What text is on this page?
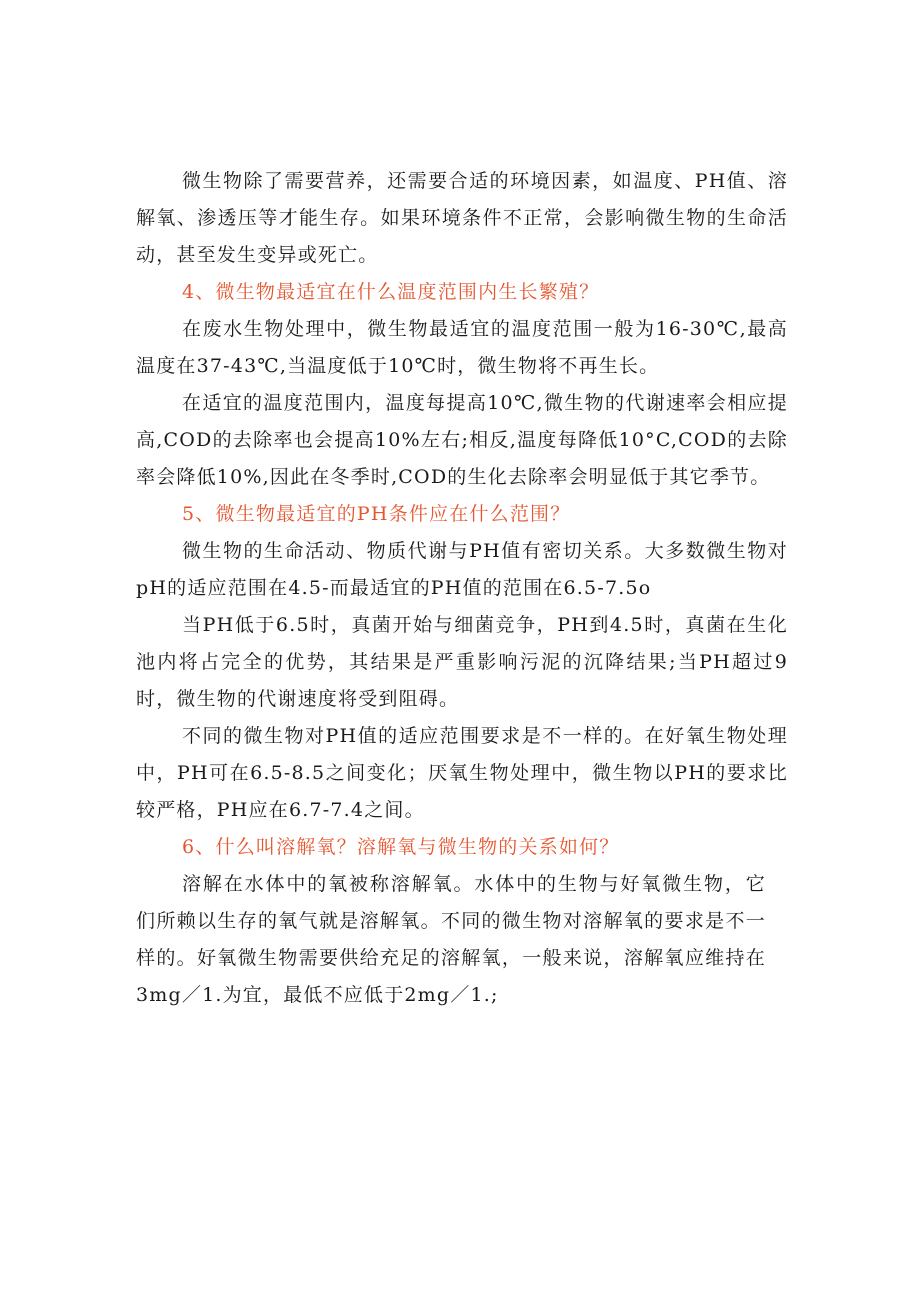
微生物除了需要营养，还需要合适的环境因素，如温度、PH值、溶解氧、渗透压等才能生存。如果环境条件不正常，会影响微生物的生命活动，甚至发生变异或死亡。

4、微生物最适宜在什么温度范围内生长繁殖？

在废水生物处理中，微生物最适宜的温度范围一般为16-30℃,最高温度在37-43℃,当温度低于10℃时，微生物将不再生长。

在适宜的温度范围内，温度每提高10℃,微生物的代谢速率会相应提高,COD的去除率也会提高10%左右;相反,温度每降低10°C,COD的去除率会降低10%,因此在冬季时,COD的生化去除率会明显低于其它季节。

5、微生物最适宜的PH条件应在什么范围？

微生物的生命活动、物质代谢与PH值有密切关系。大多数微生物对pH的适应范围在4.5-而最适宜的PH值的范围在6.5-7.5o

当PH低于6.5时，真菌开始与细菌竞争，PH到4.5时，真菌在生化池内将占完全的优势，其结果是严重影响污泥的沉降结果;当PH超过9时，微生物的代谢速度将受到阻碍。

不同的微生物对PH值的适应范围要求是不一样的。在好氧生物处理中，PH可在6.5-8.5之间变化；厌氧生物处理中，微生物以PH的要求比较严格，PH应在6.7-7.4之间。

6、什么叫溶解氧？溶解氧与微生物的关系如何？

溶解在水体中的氧被称溶解氧。水体中的生物与好氧微生物，它们所赖以生存的氧气就是溶解氧。不同的微生物对溶解氧的要求是不一样的。好氧微生物需要供给充足的溶解氧，一般来说，溶解氧应维持在3mg／1.为宜，最低不应低于2mg／1.;
